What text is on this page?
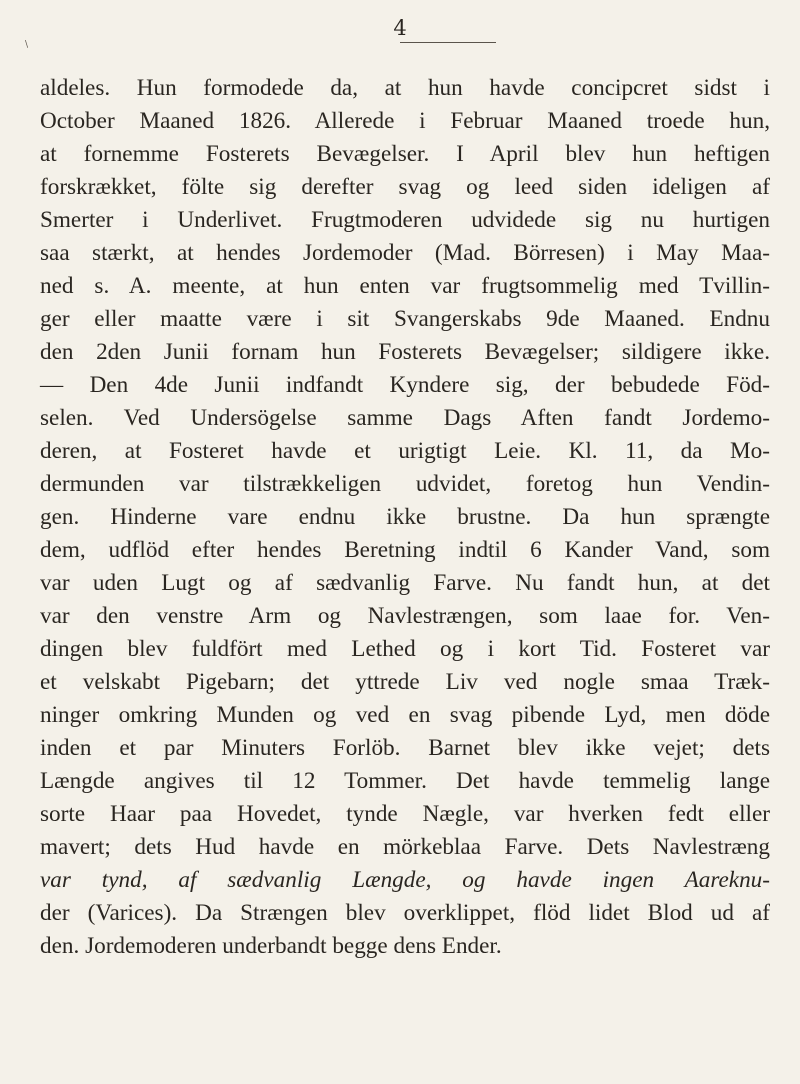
4
\
aldeles. Hun formodede da, at hun havde concipcret sidst i
October Maaned 1826. Allerede i Februar Maaned troede hun,
at fornemme Fosterets Bevægelser. I April blev hun heftigen
forskrækket, fölte sig derefter svag og leed siden ideligen af
Smerter i Underlivet. Frugtmoderen udvidede sig nu hurtigen
saa stærkt, at hendes Jordemoder (Mad. Börresen) i May Maa-
ned s. A. meente, at hun enten var frugtsommelig med Tvillin-
ger eller maatte være i sit Svangerskabs 9de Maaned. Endnu
den 2den Junii fornam hun Fosterets Bevægelser; sildigere ikke.
— Den 4de Junii indfandt Kyndere sig, der bebudede Föd-
selen. Ved Undersögelse samme Dags Aften fandt Jordemo-
deren, at Fosteret havde et urigtigt Leie. Kl. 11, da Mo-
dermunden var tilstrækkeligen udvidet, foretog hun Vendin-
gen. Hinderne vare endnu ikke brustne. Da hun sprængte
dem, udflöd efter hendes Beretning indtil 6 Kander Vand, som
var uden Lugt og af sædvanlig Farve. Nu fandt hun, at det
var den venstre Arm og Navlestrængen, som laae for. Ven-
dingen blev fuldfört med Lethed og i kort Tid. Fosteret var
et velskabt Pigebarn; det yttrede Liv ved nogle smaa Træk-
ninger omkring Munden og ved en svag pibende Lyd, men döde
inden et par Minuters Forlöb. Barnet blev ikke vejet; dets
Længde angives til 12 Tommer. Det havde temmelig lange
sorte Haar paa Hovedet, tynde Nægle, var hverken fedt eller
mavert; dets Hud havde en mörkeblaa Farve. Dets Navlestræng
var tynd, af sædvanlig Længde, og havde ingen Aareknu-
der (Varices). Da Strængen blev overklippet, flöd lidet Blod ud af
den. Jordemoderen underbandt begge dens Ender.
